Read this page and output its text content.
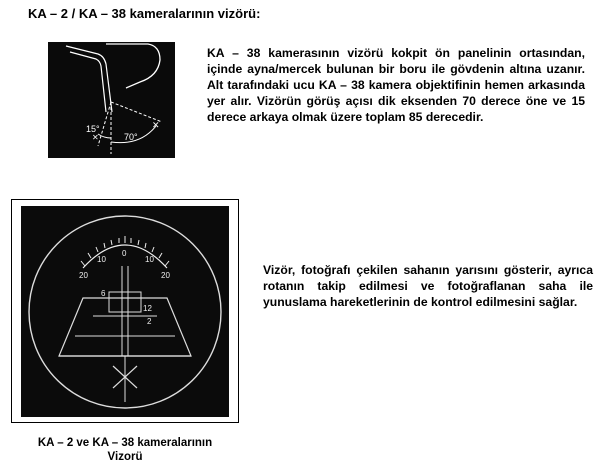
KA – 2 / KA – 38 kameralarının vizörü:
✕
✕
15°
70°
KA – 38 kamerasının vizörü kokpit ön panelinin ortasından, içinde ayna/mercek bulunan bir boru ile gövdenin altına uzanır. Alt tarafındaki ucu KA – 38 kamera objektifinin hemen arkasında yer alır. Vizörün görüş açısı dik eksenden 70 derece öne ve 15 derece arkaya olmak üzere toplam 85 derecedir.
20
10
0
10
20
6
12
2
Vizör, fotoğrafı çekilen sahanın yarısını gösterir, ayrıca rotanın takip edilmesi ve fotoğraflanan saha ile yunuslama hareketlerinin de kontrol edilmesini sağlar.
KA – 2 ve KA – 38 kameralarının
Vizorü
